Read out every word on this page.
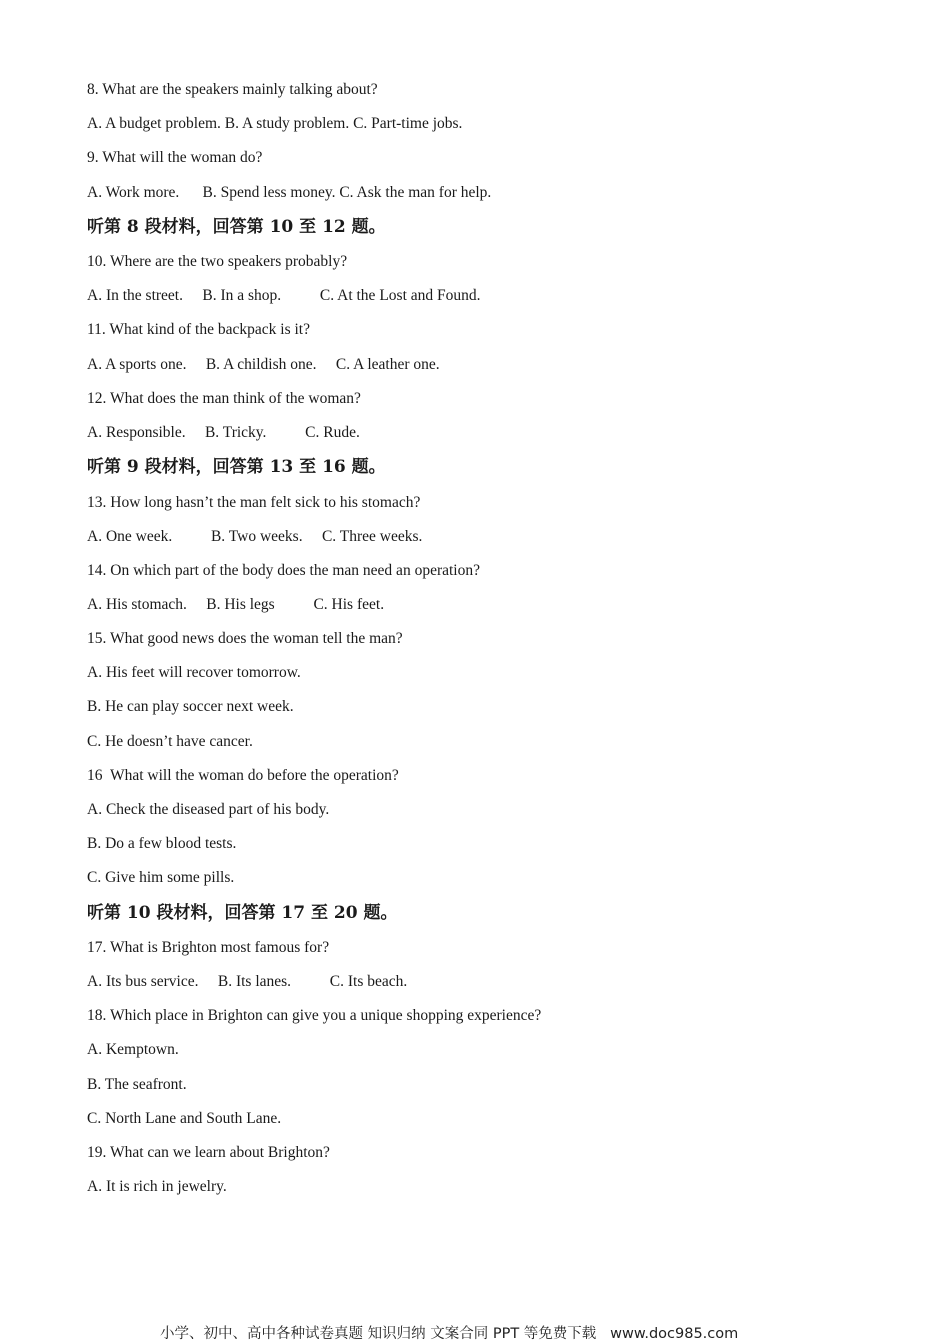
8. What are the speakers mainly talking about?
A. A budget problem. B. A study problem. C. Part-time jobs.
9. What will the woman do?
A. Work more.      B. Spend less money. C. Ask the man for help.
听第 8 段材料，回答第 10 至 12 题。
10. Where are the two speakers probably?
A. In the street.     B. In a shop.          C. At the Lost and Found.
11. What kind of the backpack is it?
A. A sports one.     B. A childish one.     C. A leather one.
12. What does the man think of the woman?
A. Responsible.     B. Tricky.          C. Rude.
听第 9 段材料，回答第 13 至 16 题。
13. How long hasn’t the man felt sick to his stomach?
A. One week.          B. Two weeks.     C. Three weeks.
14. On which part of the body does the man need an operation?
A. His stomach.     B. His legs          C. His feet.
15. What good news does the woman tell the man?
A. His feet will recover tomorrow.
B. He can play soccer next week.
C. He doesn’t have cancer.
16  What will the woman do before the operation?
A. Check the diseased part of his body.
B. Do a few blood tests.
C. Give him some pills.
听第 10 段材料，回答第 17 至 20 题。
17. What is Brighton most famous for?
A. Its bus service.     B. Its lanes.          C. Its beach.
18. Which place in Brighton can give you a unique shopping experience?
A. Kemptown.
B. The seafront.
C. North Lane and South Lane.
19. What can we learn about Brighton?
A. It is rich in jewelry.
小学、初中、高中各种试卷真题 知识归纳 文案合同 PPT 等免费下载   www.doc985.com
